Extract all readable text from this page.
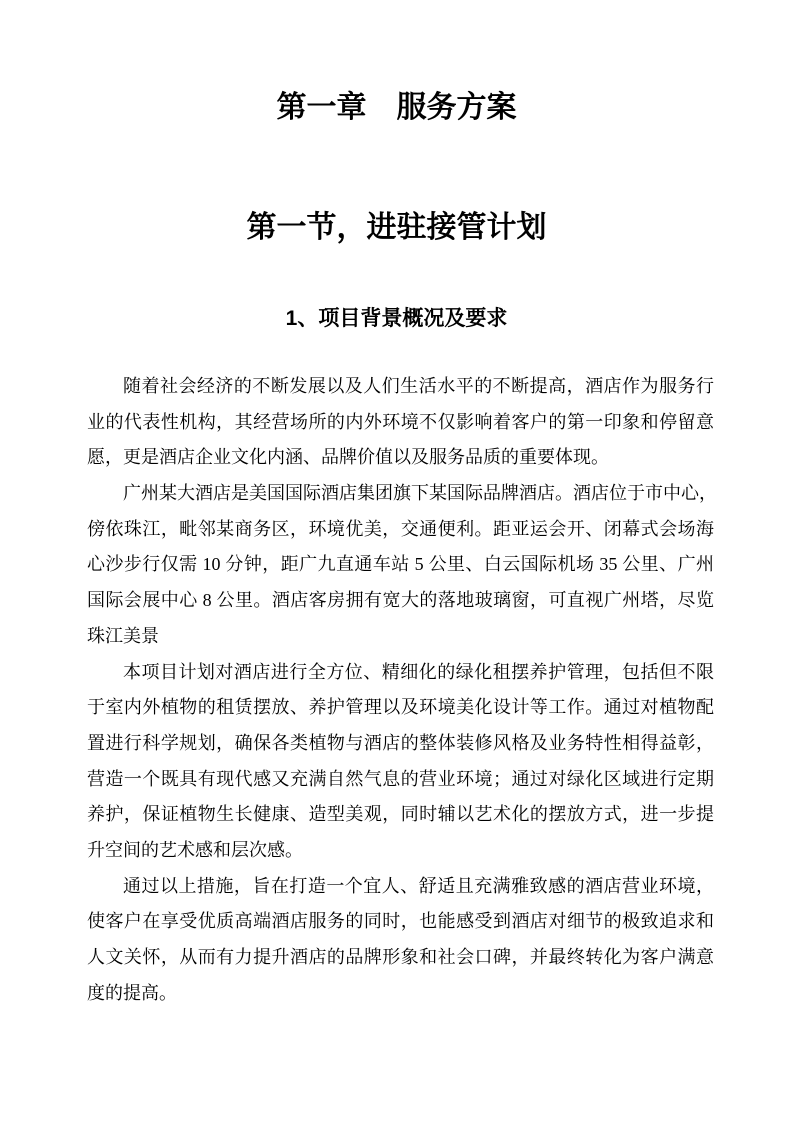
第一章　服务方案
第一节，进驻接管计划
1、项目背景概况及要求
随着社会经济的不断发展以及人们生活水平的不断提高，酒店作为服务行
业的代表性机构，其经营场所的内外环境不仅影响着客户的第一印象和停留意
愿，更是酒店企业文化内涵、品牌价值以及服务品质的重要体现。
广州某大酒店是美国国际酒店集团旗下某国际品牌酒店。酒店位于市中心，
傍依珠江，毗邻某商务区，环境优美，交通便利。距亚运会开、闭幕式会场海
心沙步行仅需 10 分钟，距广九直通车站 5 公里、白云国际机场 35 公里、广州
国际会展中心 8 公里。酒店客房拥有宽大的落地玻璃窗，可直视广州塔，尽览
珠江美景
本项目计划对酒店进行全方位、精细化的绿化租摆养护管理，包括但不限
于室内外植物的租赁摆放、养护管理以及环境美化设计等工作。通过对植物配
置进行科学规划，确保各类植物与酒店的整体装修风格及业务特性相得益彰，
营造一个既具有现代感又充满自然气息的营业环境；通过对绿化区域进行定期
养护，保证植物生长健康、造型美观，同时辅以艺术化的摆放方式，进一步提
升空间的艺术感和层次感。
通过以上措施，旨在打造一个宜人、舒适且充满雅致感的酒店营业环境，
使客户在享受优质高端酒店服务的同时，也能感受到酒店对细节的极致追求和
人文关怀，从而有力提升酒店的品牌形象和社会口碑，并最终转化为客户满意
度的提高。
